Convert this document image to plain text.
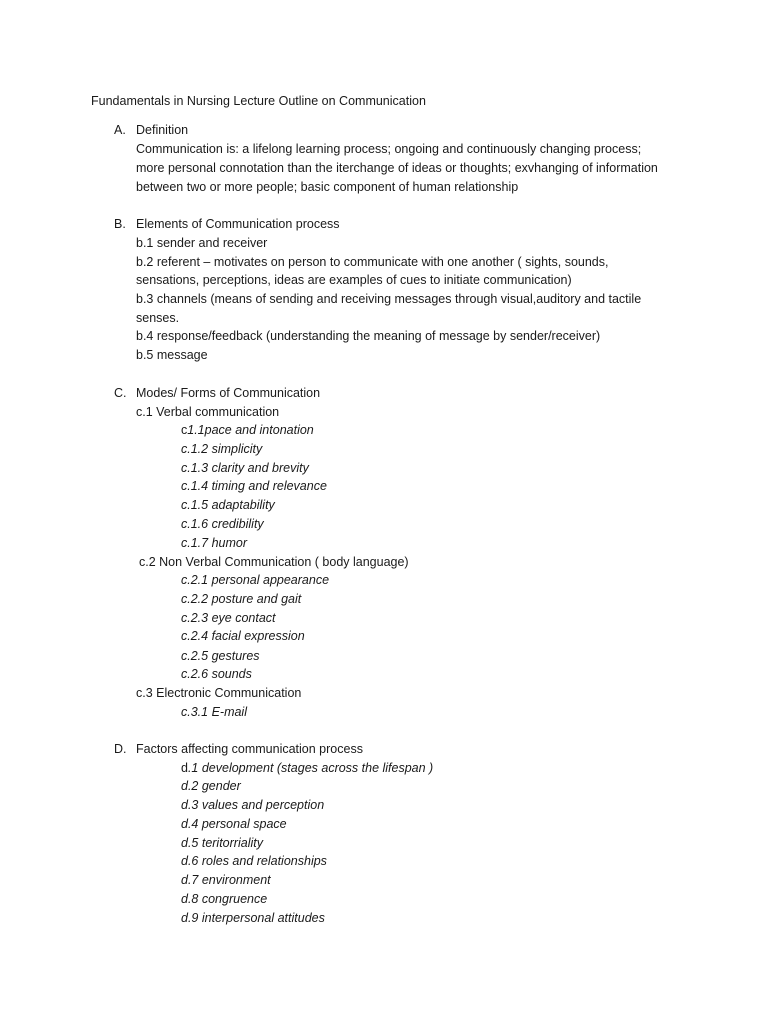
Fundamentals in Nursing Lecture Outline on Communication
A. Definition
Communication is: a lifelong learning process; ongoing and continuously changing process;
more personal connotation than the iterchange of ideas or thoughts; exvhanging of information
between two or more people; basic component of human relationship
B. Elements of Communication process
b.1 sender and receiver
b.2 referent – motivates on person to communicate with one another ( sights, sounds,
sensations, perceptions, ideas are examples of cues to initiate communication)
b.3 channels (means of sending and receiving messages through visual,auditory and tactile
senses.
b.4 response/feedback (understanding the meaning of message by sender/receiver)
b.5 message
C. Modes/ Forms of Communication
c.1 Verbal communication
c1.1pace and intonation
c.1.2 simplicity
c.1.3 clarity and brevity
c.1.4 timing and relevance
c.1.5 adaptability
c.1.6 credibility
c.1.7 humor
c.2 Non Verbal Communication ( body language)
c.2.1 personal appearance
c.2.2 posture and gait
c.2.3 eye contact
c.2.4 facial expression
c.2.5 gestures
c.2.6 sounds
c.3 Electronic Communication
c.3.1 E-mail
D. Factors affecting communication process
d.1 development (stages across the lifespan )
d.2 gender
d.3 values and perception
d.4 personal space
d.5 teritorriality
d.6 roles and relationships
d.7 environment
d.8 congruence
d.9 interpersonal attitudes
